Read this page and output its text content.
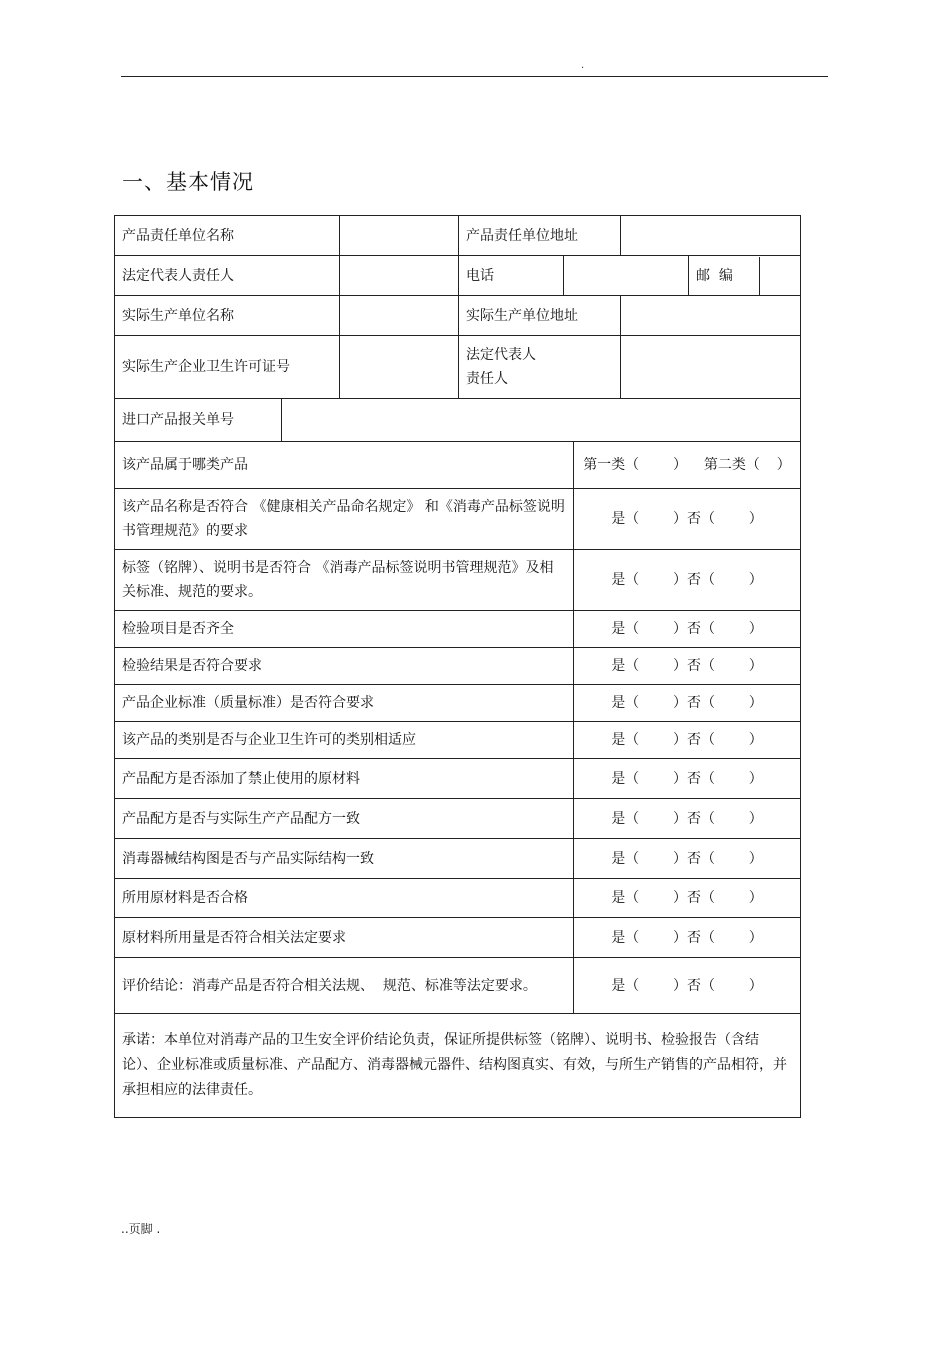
.
一、基本情况
产品责任单位名称			产品责任单位地址			
法定代表人责任人			电话			邮  编

实际生产单位名称			实际生产单位地址			
实际生产企业卫生许可证号			法定代表人
责任人			
进口产品报关单号						
该产品属于哪类产品	第一类（    ）  第二类（  ）
该产品名称是否符合 《健康相关产品命名规定》 和《消毒产品标签说明书管理规范》的要求	是（    ）否（    ）
标签（铭牌）、说明书是否符合 《消毒产品标签说明书管理规范》及相关标准、规范的要求。	是（    ）否（    ）
检验项目是否齐全	是（    ）否（    ）
检验结果是否符合要求	是（    ）否（    ）
产品企业标准（质量标准）是否符合要求	是（    ）否（    ）
该产品的类别是否与企业卫生许可的类别相适应	是（    ）否（    ）
产品配方是否添加了禁止使用的原材料	是（    ）否（    ）
产品配方是否与实际生产产品配方一致	是（    ）否（    ）
消毒器械结构图是否与产品实际结构一致	是（    ）否（    ）
所用原材料是否合格	是（    ）否（    ）
原材料所用量是否符合相关法定要求	是（    ）否（    ）
评价结论：消毒产品是否符合相关法规、  规范、标准等法定要求。	是（    ）否（    ）
承诺：本单位对消毒产品的卫生安全评价结论负责，保证所提供标签（铭牌）、说明书、检验报告（含结论）、企业标准或质量标准、产品配方、消毒器械元器件、结构图真实、有效，与所生产销售的产品相符，并承担相应的法律责任。	
..页脚 .
